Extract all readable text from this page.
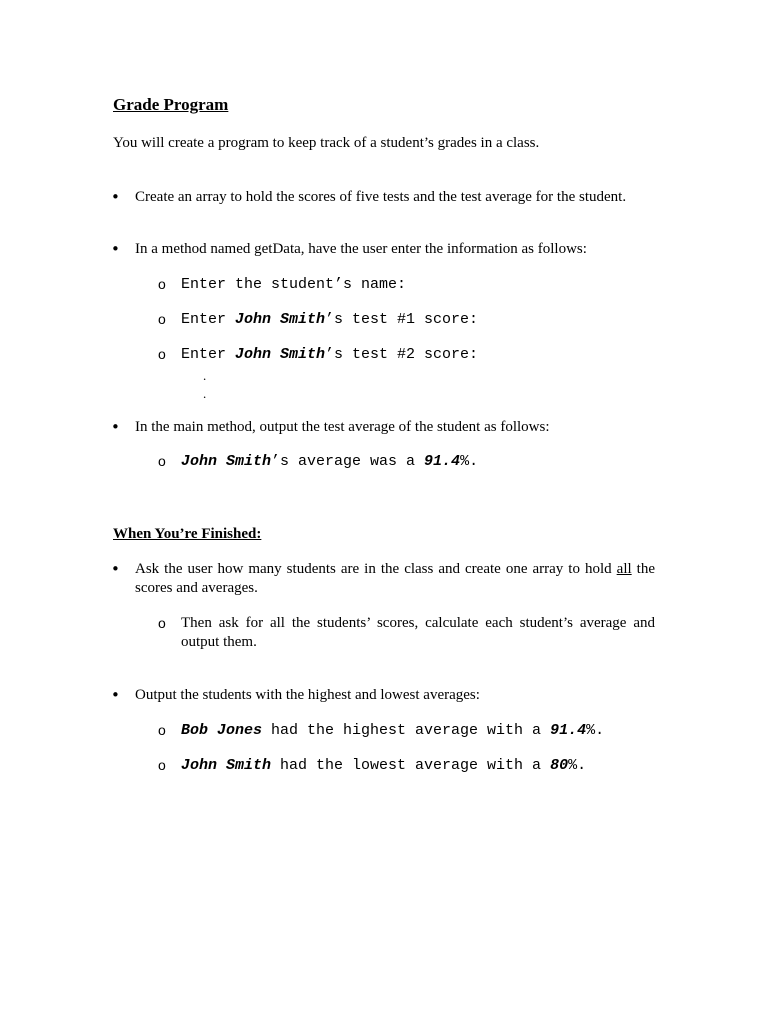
Grade Program
You will create a program to keep track of a student’s grades in a class.
• Create an array to hold the scores of five tests and the test average for the student.
• In a method named getData, have the user enter the information as follows:
o Enter the student’s name:
o Enter John Smith’s test #1 score:
o Enter John Smith’s test #2 score:
.
.
• In the main method, output the test average of the student as follows:
o John Smith’s average was a 91.4%.
When You’re Finished:
• Ask the user how many students are in the class and create one array to hold all the scores and averages.
o Then ask for all the students’ scores, calculate each student’s average and output them.
• Output the students with the highest and lowest averages:
o Bob Jones had the highest average with a 91.4%.
o John Smith had the lowest average with a 80%.
